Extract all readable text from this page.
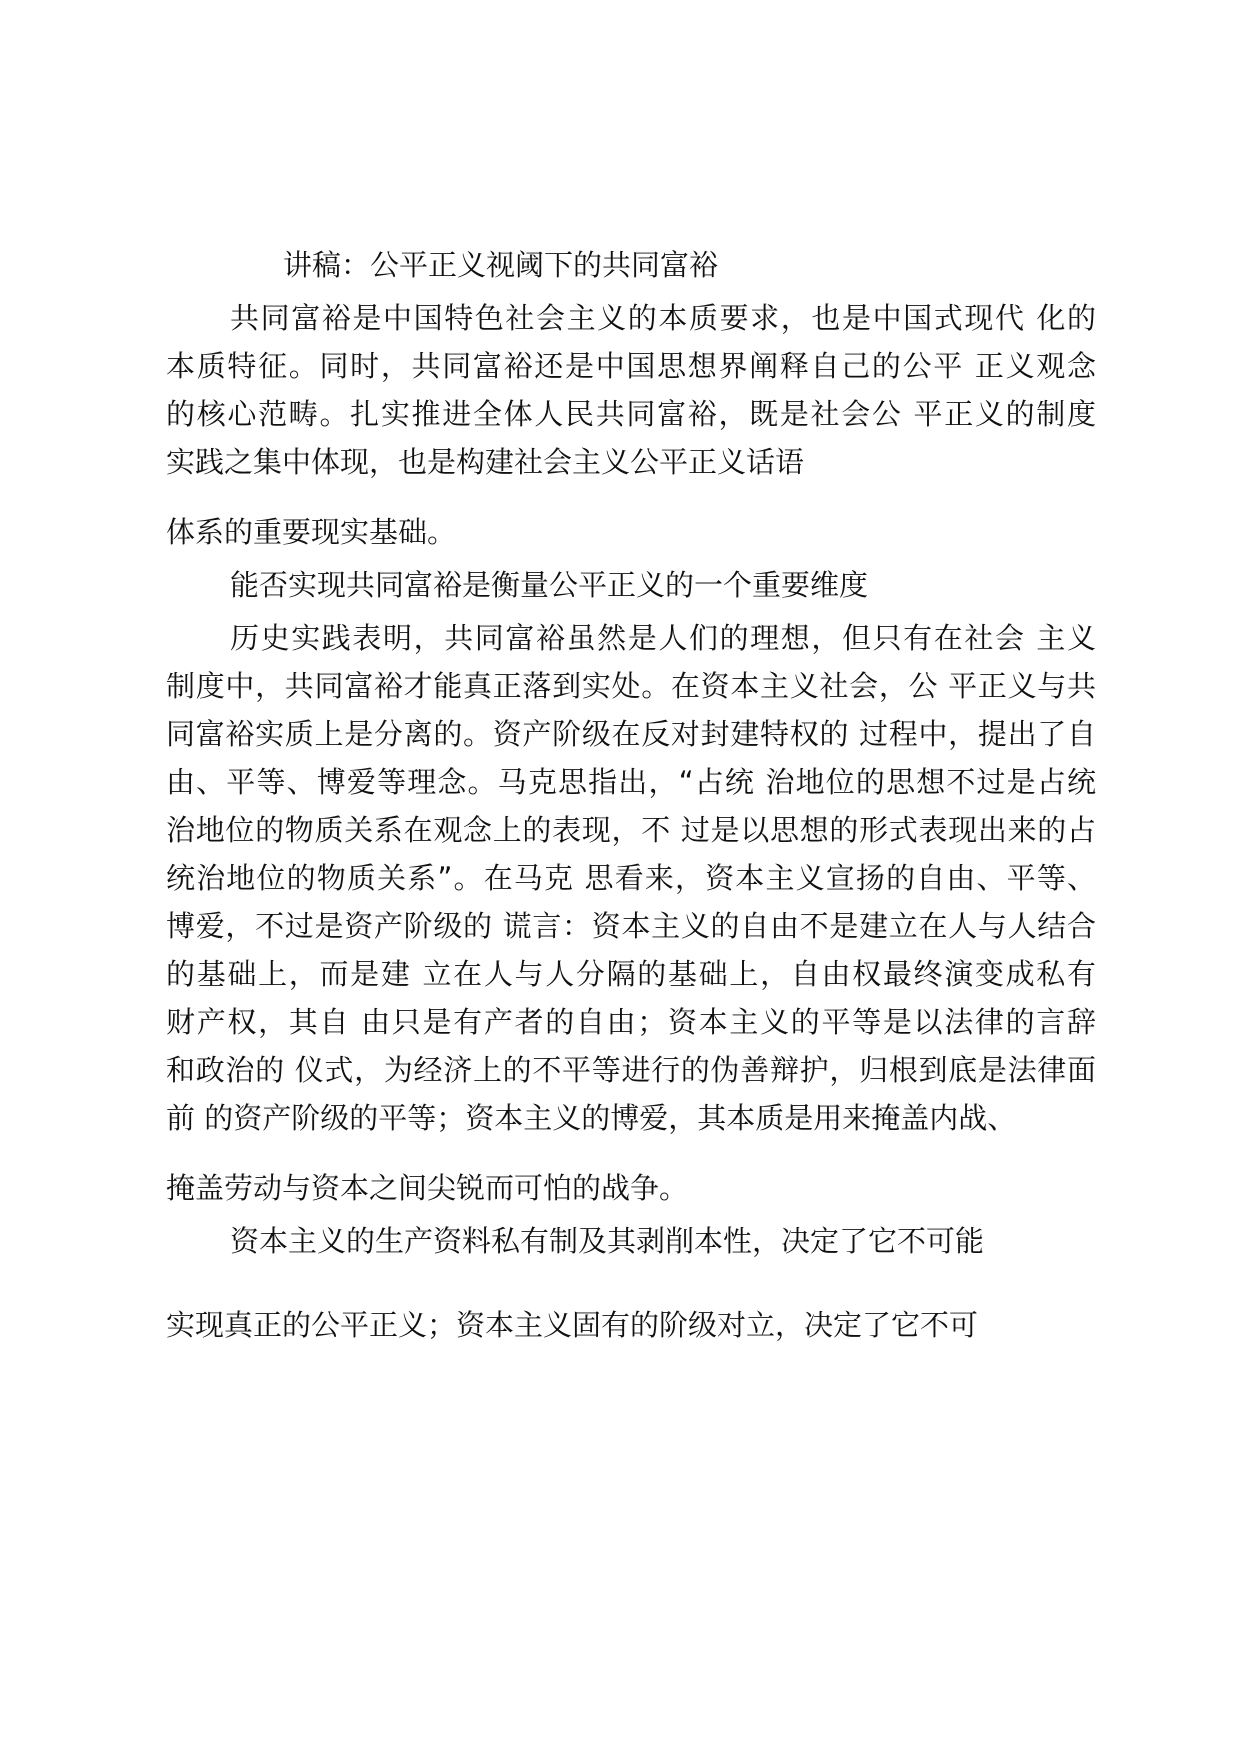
讲稿：公平正义视阈下的共同富裕
共同富裕是中国特色社会主义的本质要求，也是中国式现代 化的
本质特征。同时，共同富裕还是中国思想界阐释自己的公平 正义观念
的核心范畴。扎实推进全体人民共同富裕，既是社会公 平正义的制度
实践之集中体现，也是构建社会主义公平正义话语
体系的重要现实基础。
能否实现共同富裕是衡量公平正义的一个重要维度
历史实践表明，共同富裕虽然是人们的理想，但只有在社会 主义
制度中，共同富裕才能真正落到实处。在资本主义社会，公 平正义与共
同富裕实质上是分离的。资产阶级在反对封建特权的 过程中，提出了自
由、平等、博爱等理念。马克思指出，“占统 治地位的思想不过是占统
治地位的物质关系在观念上的表现，不 过是以思想的形式表现出来的占
统治地位的物质关系”。在马克 思看来，资本主义宣扬的自由、平等、
博爱，不过是资产阶级的 谎言：资本主义的自由不是建立在人与人结合
的基础上，而是建 立在人与人分隔的基础上，自由权最终演变成私有
财产权，其自 由只是有产者的自由；资本主义的平等是以法律的言辞
和政治的 仪式，为经济上的不平等进行的伪善辩护，归根到底是法律面
前 的资产阶级的平等；资本主义的博爱，其本质是用来掩盖内战、
掩盖劳动与资本之间尖锐而可怕的战争。
资本主义的生产资料私有制及其剥削本性，决定了它不可能
实现真正的公平正义；资本主义固有的阶级对立，决定了它不可
